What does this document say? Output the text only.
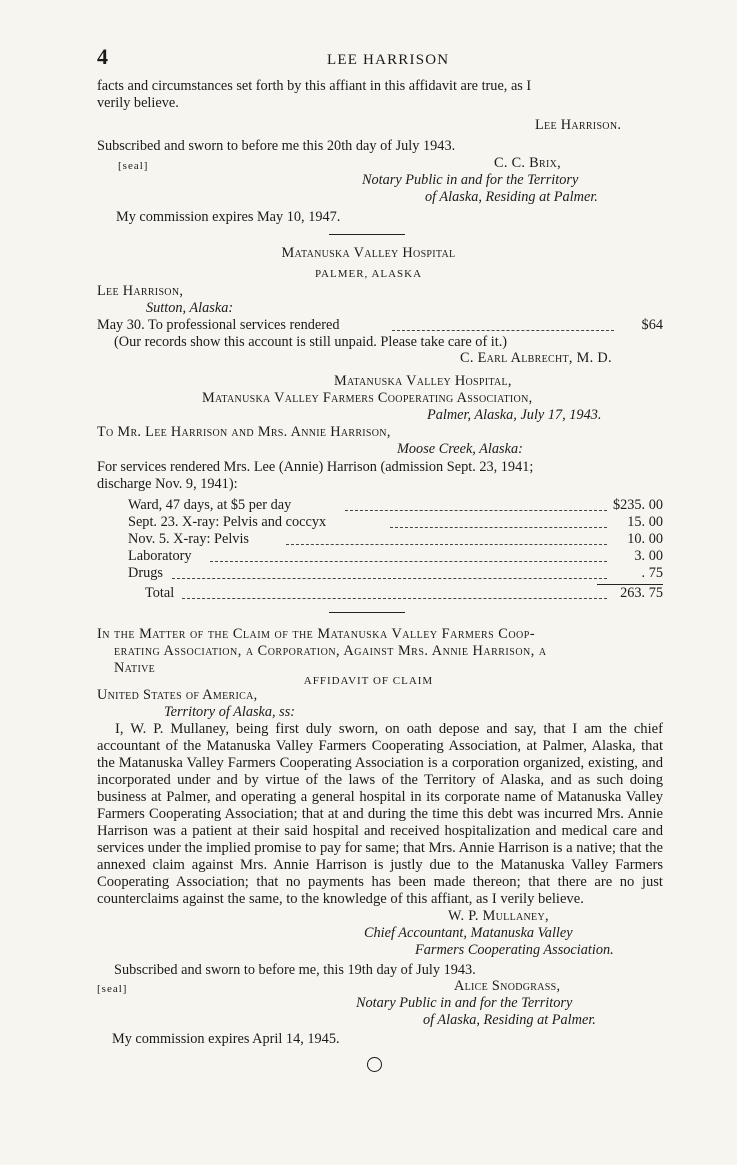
4	LEE HARRISON
facts and circumstances set forth by this affiant in this affidavit are true, as I
verily believe.
Lee Harrison.
Subscribed and sworn to before me this 20th day of July 1943.
[seal]	C. C. Brix,
Notary Public in and for the Territory
of Alaska, Residing at Palmer.
My commission expires May 10, 1947.
Matanuska Valley Hospital
PALMER, ALASKA
Lee Harrison,
Sutton, Alaska:
May 30. To professional services rendered	$64
(Our records show this account is still unpaid. Please take care of it.)
C. Earl Albrecht, M. D.
Matanuska Valley Hospital,
Matanuska Valley Farmers Cooperating Association,
Palmer, Alaska, July 17, 1943.
To Mr. Lee Harrison and Mrs. Annie Harrison,
Moose Creek, Alaska:
For services rendered Mrs. Lee (Annie) Harrison (admission Sept. 23, 1941;
discharge Nov. 9, 1941):
Ward, 47 days, at $5 per day	$235. 00
Sept. 23. X-ray: Pelvis and coccyx	15. 00
Nov. 5. X-ray: Pelvis	10. 00
Laboratory	3. 00
Drugs	. 75
Total	263. 75
In the Matter of the Claim of the Matanuska Valley Farmers Coop-
erating Association, a Corporation, Against Mrs. Annie Harrison, a
Native
AFFIDAVIT OF CLAIM
United States of America,
Territory of Alaska, ss:
I, W. P. Mullaney, being first duly sworn, on oath depose and say, that I am the chief accountant of the Matanuska Valley Farmers Cooperating Association, at Palmer, Alaska, that the Matanuska Valley Farmers Cooperating Association is a corporation organized, existing, and incorporated under and by virtue of the laws of the Territory of Alaska, and as such doing business at Palmer, and operating a general hospital in its corporate name of Matanuska Valley Farmers Cooperating Association; that at and during the time this debt was incurred Mrs. Annie Harrison was a patient at their said hospital and received hospitalization and medical care and services under the implied promise to pay for same; that Mrs. Annie Harrison is a native; that the annexed claim against Mrs. Annie Harrison is justly due to the Matanuska Valley Farmers Cooperating Association; that no payments has been made thereon; that there are no just counterclaims against the same, to the knowledge of this affiant, as I verily believe.
W. P. Mullaney,
Chief Accountant, Matanuska Valley
Farmers Cooperating Association.
Subscribed and sworn to before me, this 19th day of July 1943.
[seal]	Alice Snodgrass,
Notary Public in and for the Territory
of Alaska, Residing at Palmer.
My commission expires April 14, 1945.
